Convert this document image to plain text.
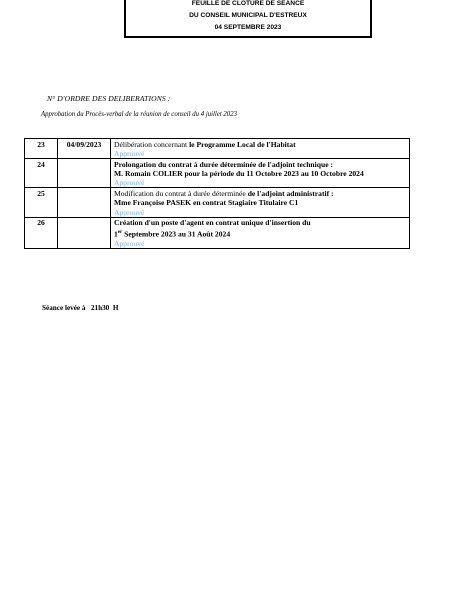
FEUILLE DE CLOTURE DE SEANCE
DU CONSEIL MUNICIPAL D'ESTREUX
04 SEPTEMBRE 2023
N° D'ORDRE DES DELIBERATIONS :
Approbation du Procès-verbal de la réunion de conseil du 4 juillet 2023
23	04/09/2023	Délibération concernant le Programme Local de l'Habitat
Approuvé

24		Prolongation du contrat à durée déterminée de l'adjoint technique :
M. Romain COLIER pour la période du 11 Octobre 2023 au 10 Octobre 2024
Approuvé

25		Modification du contrat à durée déterminée de l'adjoint administratif :
Mme Françoise PASEK en contrat Stagiaire Titulaire C1
Approuvé

26		Création d'un poste d'agent en contrat unique d'insertion du
1er Septembre 2023 au 31 Août 2024
Approuvé
Séance levée à   21h30  H
